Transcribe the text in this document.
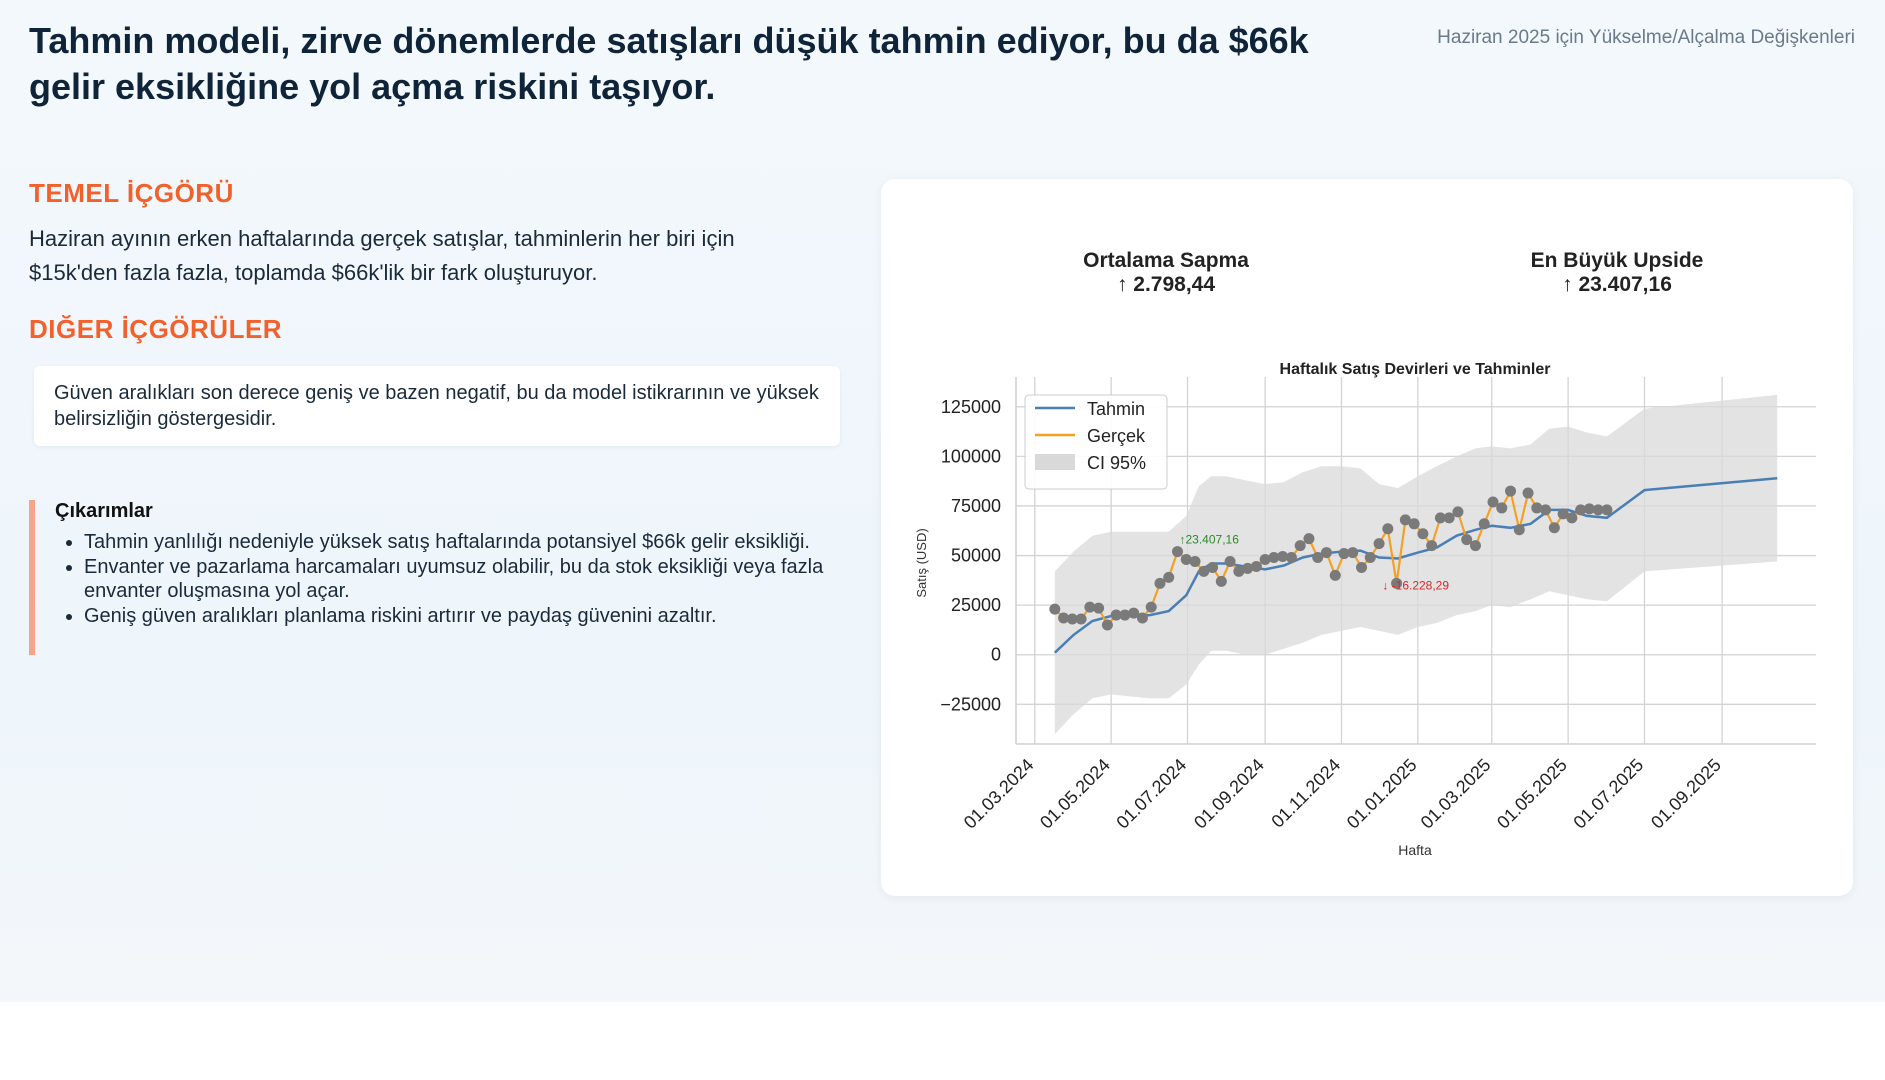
Tahmin modeli, zirve dönemlerde satışları düşük tahmin ediyor, bu da $66k gelir eksikliğine yol açma riskini taşıyor.
Haziran 2025 için Yükselme/Alçalma Değişkenleri
TEMEL İÇGÖRÜ
Haziran ayının erken haftalarında gerçek satışlar, tahminlerin her biri için $15k'den fazla fazla, toplamda $66k'lik bir fark oluşturuyor.
DIĞER İÇGÖRÜLER

Güven aralıkları son derece geniş ve bazen negatif, bu da model istikrarının ve yüksek belirsizliğin göstergesidir.

Çıkarımlar
• Tahmin yanlılığı nedeniyle yüksek satış haftalarında potansiyel $66k gelir eksikliği.
• Envanter ve pazarlama harcamaları uyumsuz olabilir, bu da stok eksikliği veya fazla envanter oluşmasına yol açar.
• Geniş güven aralıkları planlama riskini artırır ve paydaş güvenini azaltır.
Ortalama Sapma
↑ 2.798,44
En Büyük Upside
↑ 23.407,16
Haftalık Satış Devirleri ve Tahminler
−25000
0
25000
50000
75000
100000
125000
01.03.2024
01.05.2024
01.07.2024 01.09.2024 01.11.2024
01.01.2025
01.03.2025
01.05.2025
01.07.2025 01.09.2025
↑23.407,16
↓ -16.228,29
Hafta
Satış (USD)
Tahmin
Gerçek
CI 95%
